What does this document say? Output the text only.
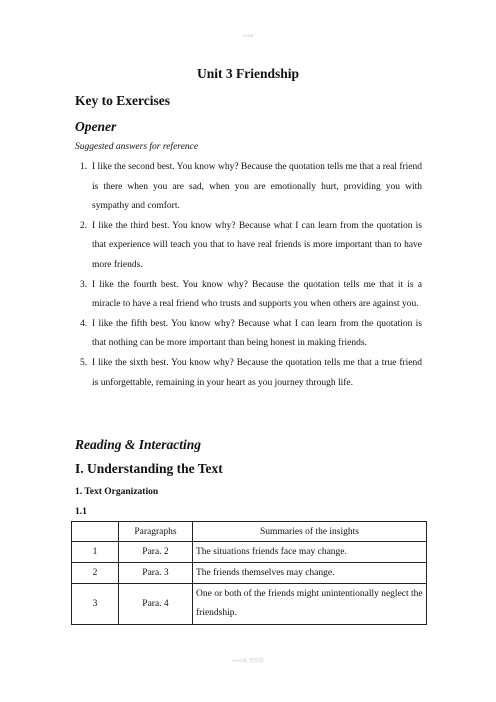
word
Unit 3 Friendship
Key to Exercises
Opener
Suggested answers for reference
1. I like the second best. You know why? Because the quotation tells me that a real friend is there when you are sad, when you are emotionally hurt, providing you with sympathy and comfort.
2. I like the third best. You know why? Because what I can learn from the quotation is that experience will teach you that to have real friends is more important than to have more friends.
3. I like the fourth best. You know why? Because the quotation tells me that it is a miracle to have a real friend who trusts and supports you when others are against you.
4. I like the fifth best. You know why? Because what I can learn from the quotation is that nothing can be more important than being honest in making friends.
5. I like the sixth best. You know why? Because the quotation tells me that a true friend is unforgettable, remaining in your heart as you journey through life.
Reading & Interacting
I. Understanding the Text
1. Text Organization
1.1
	Paragraphs	Summaries of the insights
1	Para. 2	The situations friends face may change.
2	Para. 3	The friends themselves may change.
3	Para. 4	One or both of the friends might unintentionally neglect the friendship.
word版 整理版
